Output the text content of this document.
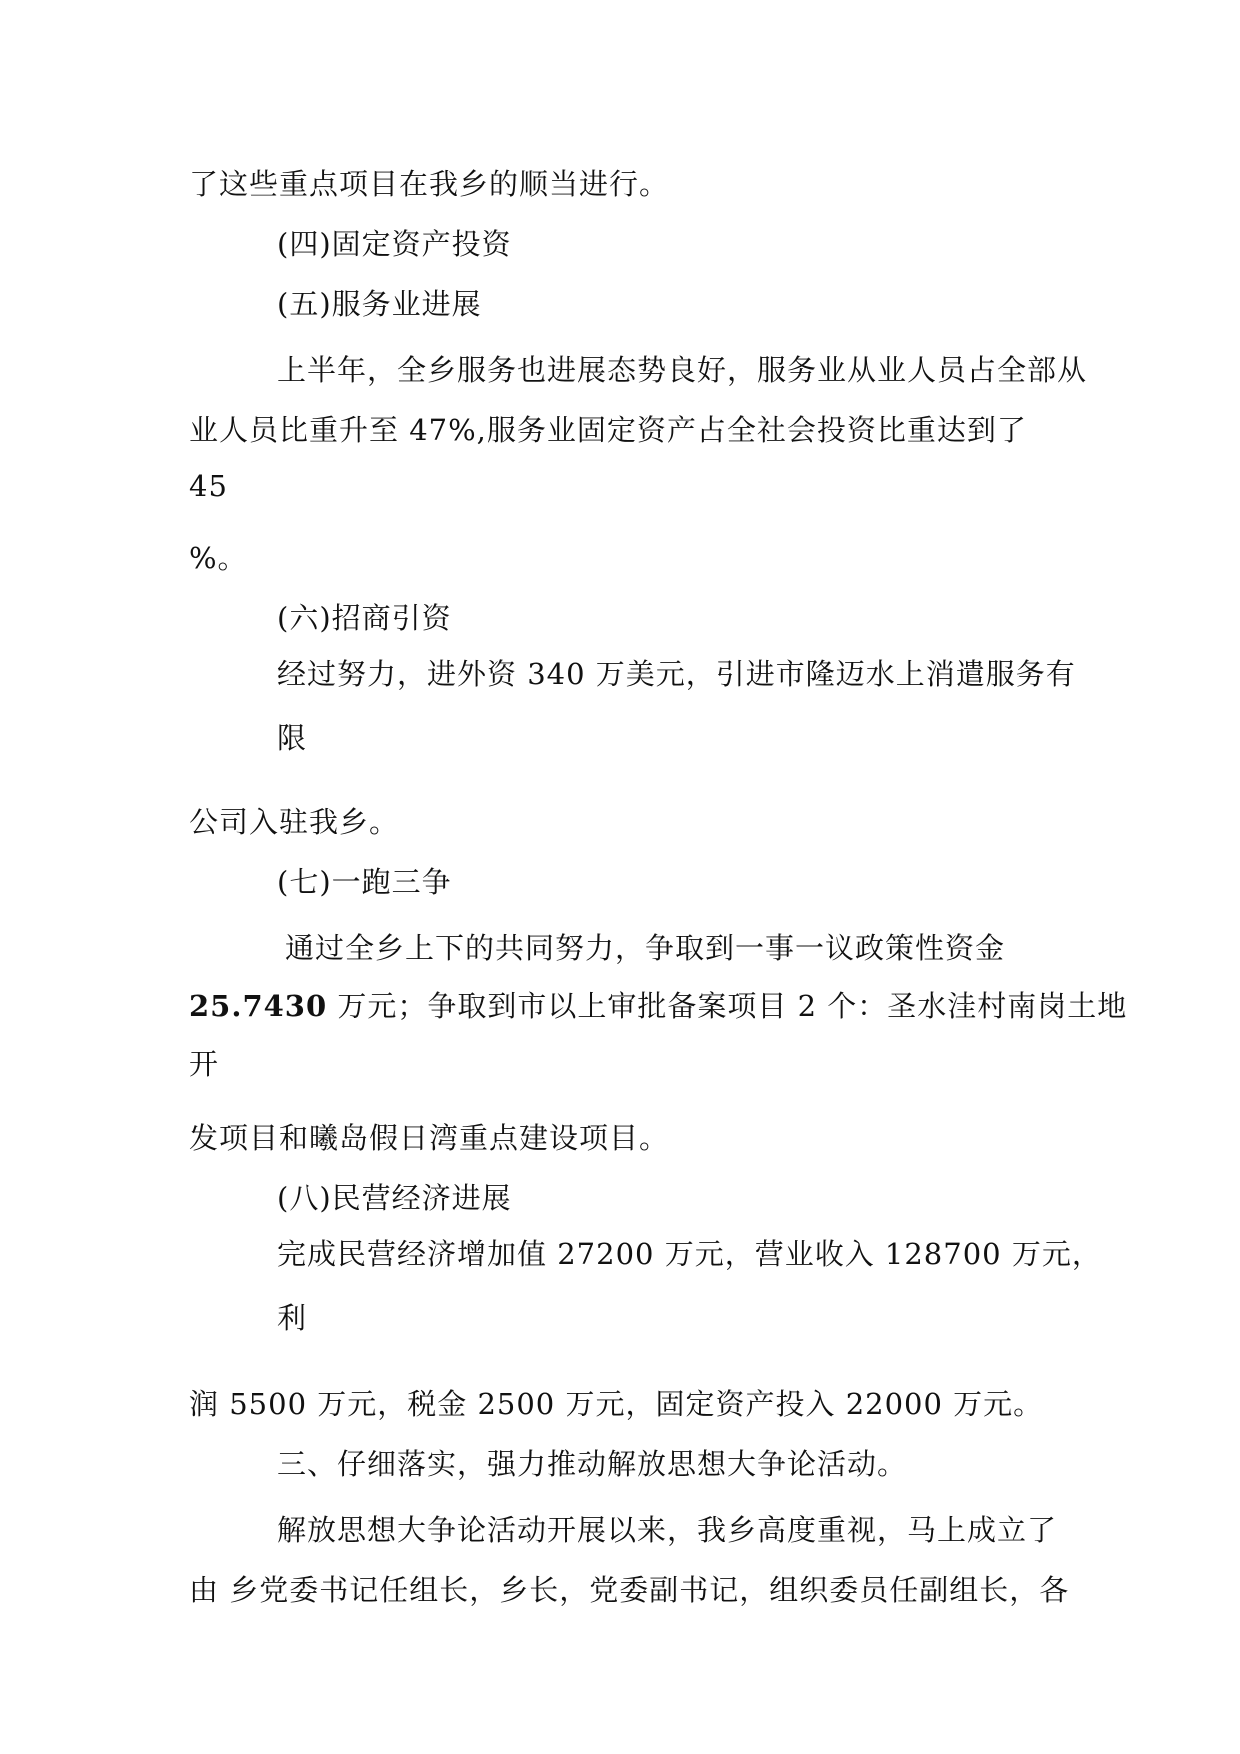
了这些重点项目在我乡的顺当进行。
(四)固定资产投资
(五)服务业进展
上半年，全乡服务也进展态势良好，服务业从业人员占全部从
业人员比重升至 47%,服务业固定资产占全社会投资比重达到了
45
%。
(六)招商引资
经过努力，进外资 340 万美元，引进市隆迈水上消遣服务有
限
公司入驻我乡。
(七)一跑三争
通过全乡上下的共同努力，争取到一事一议政策性资金
25.7430 万元；争取到市以上审批备案项目 2 个：圣水洼村南岗土地
开
发项目和曦岛假日湾重点建设项目。
(八)民营经济进展
完成民营经济增加值 27200 万元，营业收入 128700 万元，
利
润 5500 万元，税金 2500 万元，固定资产投入 22000 万元。
三、仔细落实，强力推动解放思想大争论活动。
解放思想大争论活动开展以来，我乡高度重视，马上成立了
由 乡党委书记任组长，乡长，党委副书记，组织委员任副组长，各
